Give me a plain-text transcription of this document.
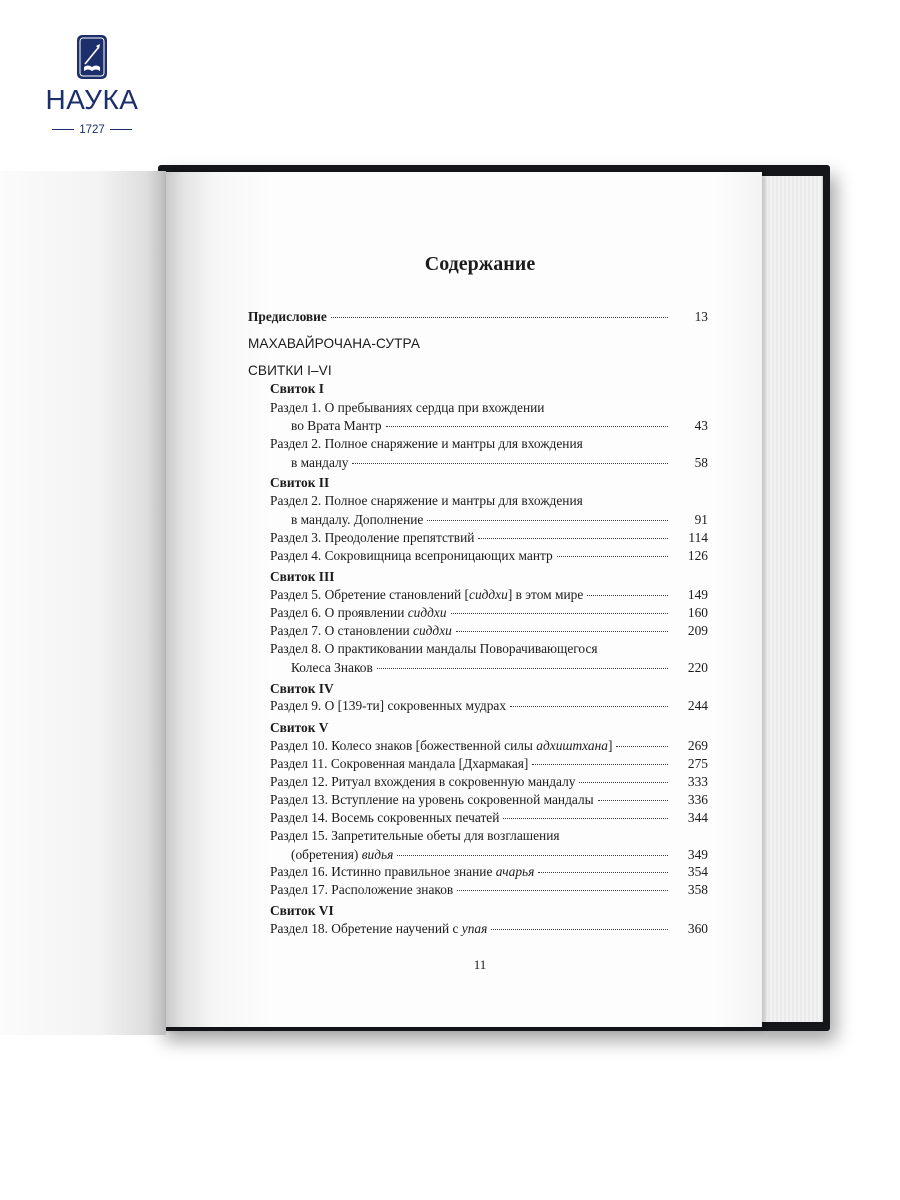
НАУКА
1727
Содержание
Предисловие	13
МАХАВАЙРОЧАНА-СУТРА
СВИТКИ I–VI
Свиток I
Раздел 1. О пребываниях сердца при вхождении
во Врата Мантр	43
Раздел 2. Полное снаряжение и мантры для вхождения
в мандалу	58
Свиток II
Раздел 2. Полное снаряжение и мантры для вхождения
в мандалу. Дополнение	91
Раздел 3. Преодоление препятствий	114
Раздел 4. Сокровищница всепроницающих мантр	126
Свиток III
Раздел 5. Обретение становлений [сиддхи] в этом мире	149
Раздел 6. О проявлении сиддхи	160
Раздел 7. О становлении сиддхи	209
Раздел 8. О практиковании мандалы Поворачивающегося
Колеса Знаков	220
Свиток IV
Раздел 9. О [139-ти] сокровенных мудрах	244
Свиток V
Раздел 10. Колесо знаков [божественной силы адхиштхана]	269
Раздел 11. Сокровенная мандала [Дхармакая]	275
Раздел 12. Ритуал вхождения в сокровенную мандалу	333
Раздел 13. Вступление на уровень сокровенной мандалы	336
Раздел 14. Восемь сокровенных печатей	344
Раздел 15. Запретительные обеты для возглашения
(обретения) видья	349
Раздел 16. Истинно правильное знание ачарья	354
Раздел 17. Расположение знаков	358
Свиток VI
Раздел 18. Обретение научений с упая	360
11
